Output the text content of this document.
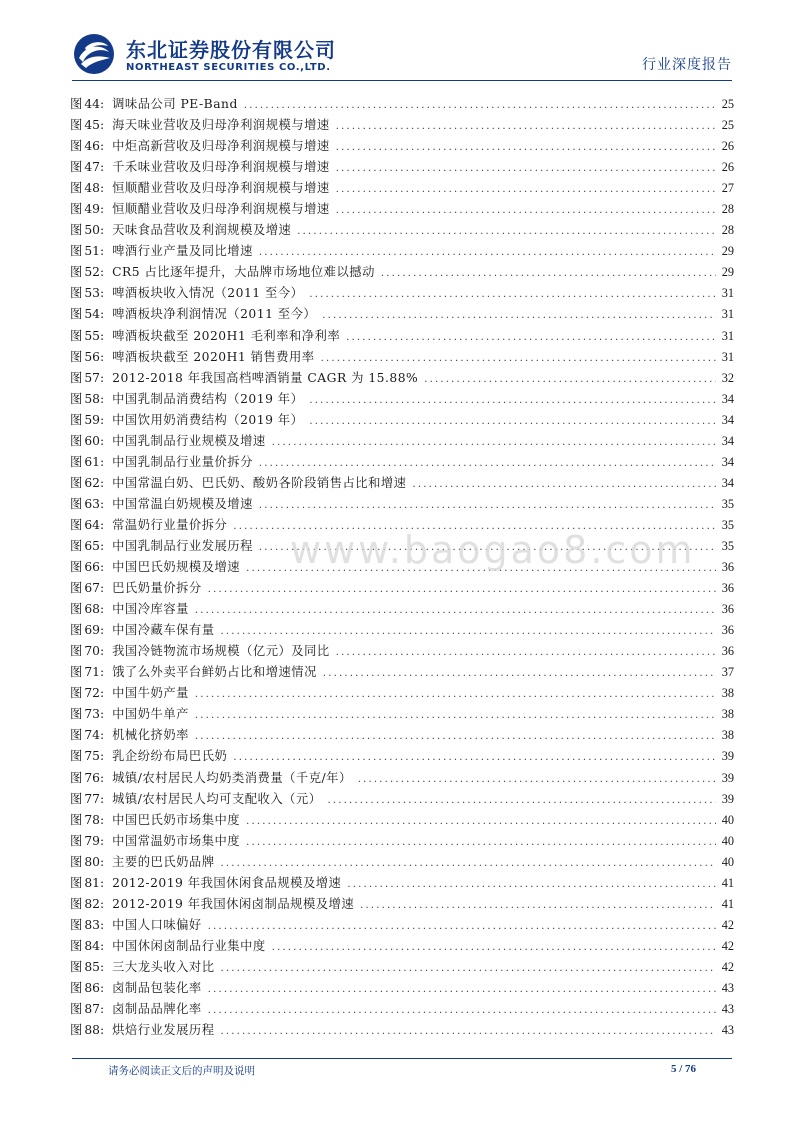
东北证券股份有限公司
NORTHEAST SECURITIES CO.,LTD.	行业深度报告
图 44 : 调味品公司 PE-Band .....	25
图 45 : 海天味业营收及归母净利润规模与增速 .....	25
图 46 : 中炬高新营收及归母净利润规模与增速 .....	26
图 47 : 千禾味业营收及归母净利润规模与增速 .....	26
图 48 : 恒顺醋业营收及归母净利润规模与增速 .....	27
图 49 : 恒顺醋业营收及归母净利润规模与增速 .....	28
图 50 : 天味食品营收及利润规模及增速 .....	28
图 51 : 啤酒行业产量及同比增速 .....	29
图 52 : CR5 占比逐年提升，大品牌市场地位难以撼动 .....	29
图 53 : 啤酒板块收入情况（2011 至今） .....	31
图 54 : 啤酒板块净利润情况（2011 至今） .....	31
图 55 : 啤酒板块截至 2020H1 毛利率和净利率 .....	31
图 56 : 啤酒板块截至 2020H1 销售费用率 .....	31
图 57 : 2012-2018 年我国高档啤酒销量 CAGR 为 15.88% .....	32
图 58 : 中国乳制品消费结构（2019 年） .....	34
图 59 : 中国饮用奶消费结构（2019 年） .....	34
图 60 : 中国乳制品行业规模及增速 .....	34
图 61 : 中国乳制品行业量价拆分 .....	34
图 62 : 中国常温白奶、巴氏奶、酸奶各阶段销售占比和增速 .....	34
图 63 : 中国常温白奶规模及增速 .....	35
图 64 : 常温奶行业量价拆分 .....	35
图 65 : 中国乳制品行业发展历程 .....	35
图 66 : 中国巴氏奶规模及增速 .....	36
图 67 : 巴氏奶量价拆分 .....	36
图 68 : 中国冷库容量 .....	36
图 69 : 中国冷藏车保有量 .....	36
图 70 : 我国冷链物流市场规模（亿元）及同比 .....	36
图 71 : 饿了么外卖平台鲜奶占比和增速情况 .....	37
图 72 : 中国牛奶产量 .....	38
图 73 : 中国奶牛单产 .....	38
图 74 : 机械化挤奶率 .....	38
图 75 : 乳企纷纷布局巴氏奶 .....	39
图 76 : 城镇/农村居民人均奶类消费量（千克/年） .....	39
图 77 : 城镇/农村居民人均可支配收入（元） .....	39
图 78 : 中国巴氏奶市场集中度 .....	40
图 79 : 中国常温奶市场集中度 .....	40
图 80 : 主要的巴氏奶品牌 .....	40
图 81 : 2012-2019 年我国休闲食品规模及增速 .....	41
图 82 : 2012-2019 年我国休闲卤制品规模及增速 .....	41
图 83 : 中国人口味偏好 .....	42
图 84 : 中国休闲卤制品行业集中度 .....	42
图 85 : 三大龙头收入对比 .....	42
图 86 : 卤制品包装化率 .....	43
图 87 : 卤制品品牌化率 .....	43
图 88 : 烘焙行业发展历程 .....	43
www.baogao8.com
请务必阅读正文后的声明及说明	5 / 76
